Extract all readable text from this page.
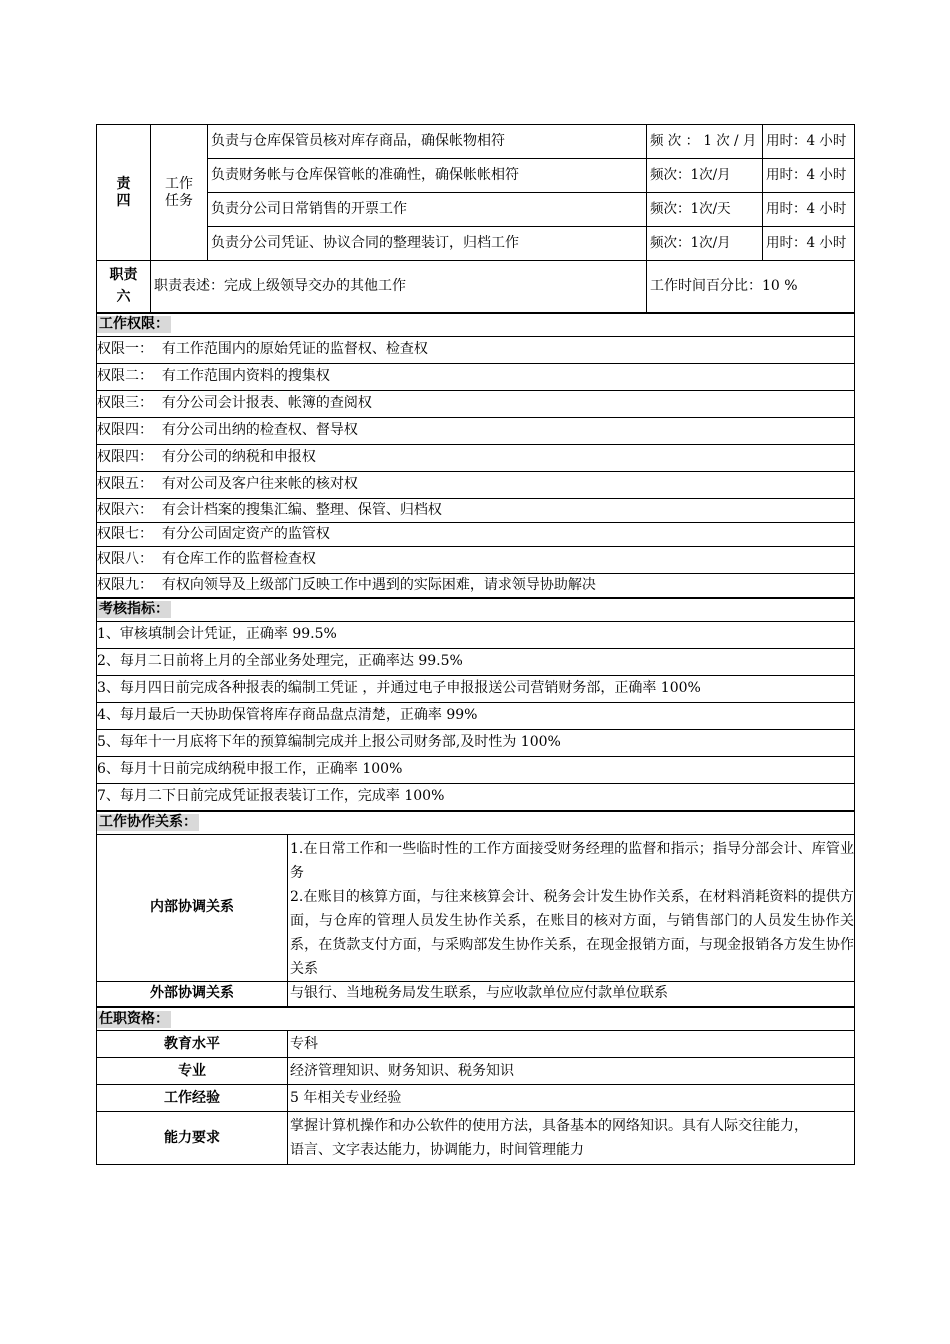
责
四	工作
任务	负责与仓库保管员核对库存商品，确保帐物相符		频 次 ： 1 次 / 月	用时：4 小时
		负责财务帐与仓库保管帐的准确性，确保帐帐相符		频次：1次/月	用时：4 小时
		负责分公司日常销售的开票工作		频次：1次/天	用时：4 小时
		负责分公司凭证、协议合同的整理装订，归档工作		频次：1次/月	用时：4 小时
职责
六	职责表述：完成上级领导交办的其他工作			工作时间百分比：10 %	
工作权限：					
权限一：  有工作范围内的原始凭证的监督权、检查权					
权限二：  有工作范围内资料的搜集权					
权限三：  有分公司会计报表、帐簿的查阅权					
权限四：  有分公司出纳的检查权、督导权					
权限四：  有分公司的纳税和申报权					
权限五：  有对公司及客户往来帐的核对权					
权限六：  有会计档案的搜集汇编、整理、保管、归档权					
权限七：  有分公司固定资产的监管权					
权限八：  有仓库工作的监督检查权					
权限九：  有权向领导及上级部门反映工作中遇到的实际困难，请求领导协助解决					
考核指标：					
1、审核填制会计凭证，正确率 99.5%					
2、每月二日前将上月的全部业务处理完，正确率达 99.5%					
3、每月四日前完成各种报表的编制工凭证 ，并通过电子申报报送公司营销财务部，正确率 100%					
4、每月最后一天协助保管将库存商品盘点清楚，正确率 99%					
5、每年十一月底将下年的预算编制完成并上报公司财务部,及时性为 100%					
6、每月十日前完成纳税申报工作，正确率 100%					
7、每月二下日前完成凭证报表装订工作，完成率 100%					
工作协作关系：					
内部协调关系			1.在日常工作和一些临时性的工作方面接受财务经理的监督和指示；指导分部会计、库管业务
2.在账目的核算方面，与往来核算会计、税务会计发生协作关系，在材料消耗资料的提供方面，与仓库的管理人员发生协作关系，在账目的核对方面，与销售部门的人员发生协作关系，在货款支付方面，与采购部发生协作关系，在现金报销方面，与现金报销各方发生协作关系		

外部协调关系			与银行、当地税务局发生联系，与应收款单位应付款单位联系		
任职资格：					
教育水平			专科		
专业			经济管理知识、财务知识、税务知识		
工作经验			5 年相关专业经验		
能力要求			掌握计算机操作和办公软件的使用方法，具备基本的网络知识。具有人际交往能力，
语言、文字表达能力，协调能力，时间管理能力		
